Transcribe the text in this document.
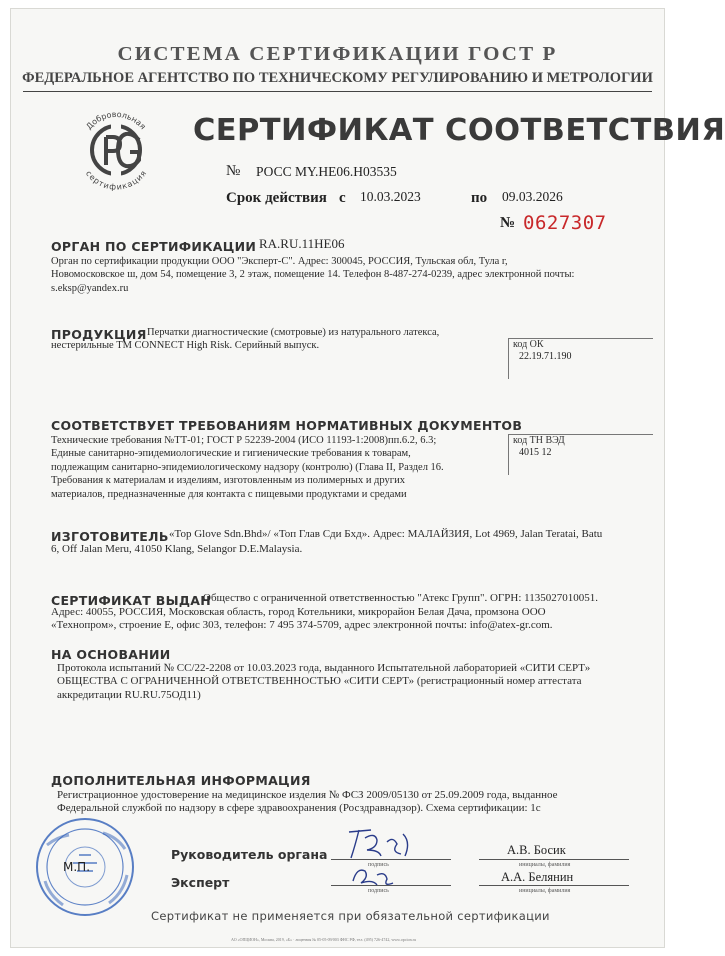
СИСТЕМА СЕРТИФИКАЦИИ ГОСТ Р
ФЕДЕРАЛЬНОЕ АГЕНТСТВО ПО ТЕХНИЧЕСКОМУ РЕГУЛИРОВАНИЮ И МЕТРОЛОГИИ
Добровольная
сертификация
СЕРТИФИКАТ СООТВЕТСТВИЯ
№ РОСС MY.HE06.H03535
Срок действия с 10.03.2023	по 09.03.2026
№ 0627307
ОРГАН ПО СЕРТИФИКАЦИИ RA.RU.11HE06
Орган по сертификации продукции ООО "Эксперт-С". Адрес: 300045, РОССИЯ, Тульская обл, Тула г,
Новомосковское ш, дом 54, помещение 3, 2 этаж, помещение 14. Телефон 8-487-274-0239, адрес электронной почты:
s.eksp@yandex.ru
ПРОДУКЦИЯ Перчатки диагностические (смотровые) из натурального латекса,
нестерильные ТМ CONNECT High Risk. Серийный выпуск.	код ОК
22.19.71.190
СООТВЕТСТВУЕТ ТРЕБОВАНИЯМ НОРМАТИВНЫХ ДОКУМЕНТОВ
Технические требования №ТТ-01; ГОСТ Р 52239-2004 (ИСО 11193-1:2008)пп.6.2, 6.3;
Единые санитарно-эпидемиологические и гигиенические требования к товарам,
подлежащим санитарно-эпидемиологическому надзору (контролю) (Глава II, Раздел 16.
Требования к материалам и изделиям, изготовленным из полимерных и других
материалов, предназначенные для контакта с пищевыми продуктами и средами
код ТН ВЭД
4015 12
ИЗГОТОВИТЕЛЬ «Top Glove Sdn.Bhd»/ «Топ Глав Сди Бхд». Адрес: МАЛАЙЗИЯ, Lot 4969, Jalan Teratai, Batu
6, Off Jalan Meru, 41050 Klang, Selangor D.E.Malaysia.
СЕРТИФИКАТ ВЫДАН
Общество с ограниченной ответственностью "Атекс Групп". ОГРН: 1135027010051.
Адрес: 40055, РОССИЯ, Московская область, город Котельники, микрорайон Белая Дача, промзона ООО
«Технопром», строение Е, офис 303, телефон: 7 495 374-5709, адрес электронной почты: info@atex-gr.com.
НА ОСНОВАНИИ
Протокола испытаний № СС/22-2208 от 10.03.2023 года, выданного Испытательной лабораторией «СИТИ СЕРТ»
ОБЩЕСТВА С ОГРАНИЧЕННОЙ ОТВЕТСТВЕННОСТЬЮ «СИТИ СЕРТ» (регистрационный номер аттестата
аккредитации RU.RU.75ОД11)
ДОПОЛНИТЕЛЬНАЯ ИНФОРМАЦИЯ
Регистрационное удостоверение на медицинское изделия № ФСЗ 2009/05130 от 25.09.2009 года, выданное
Федеральной службой по надзору в сфере здравоохранения (Росздравнадзор). Схема сертификации: 1с
М.П.
Руководитель органа
подпись
А.В. Босик
инициалы, фамилия
Эксперт
подпись
А.А. Белянин
инициалы, фамилия
Сертификат не применяется при обязательной сертификации
АО «ОПЦИОН», Москва, 2019, «Б» · лицензия № 05-05-09/003 ФНС РФ, тел. (495) 726-4742, www.opcion.ru
